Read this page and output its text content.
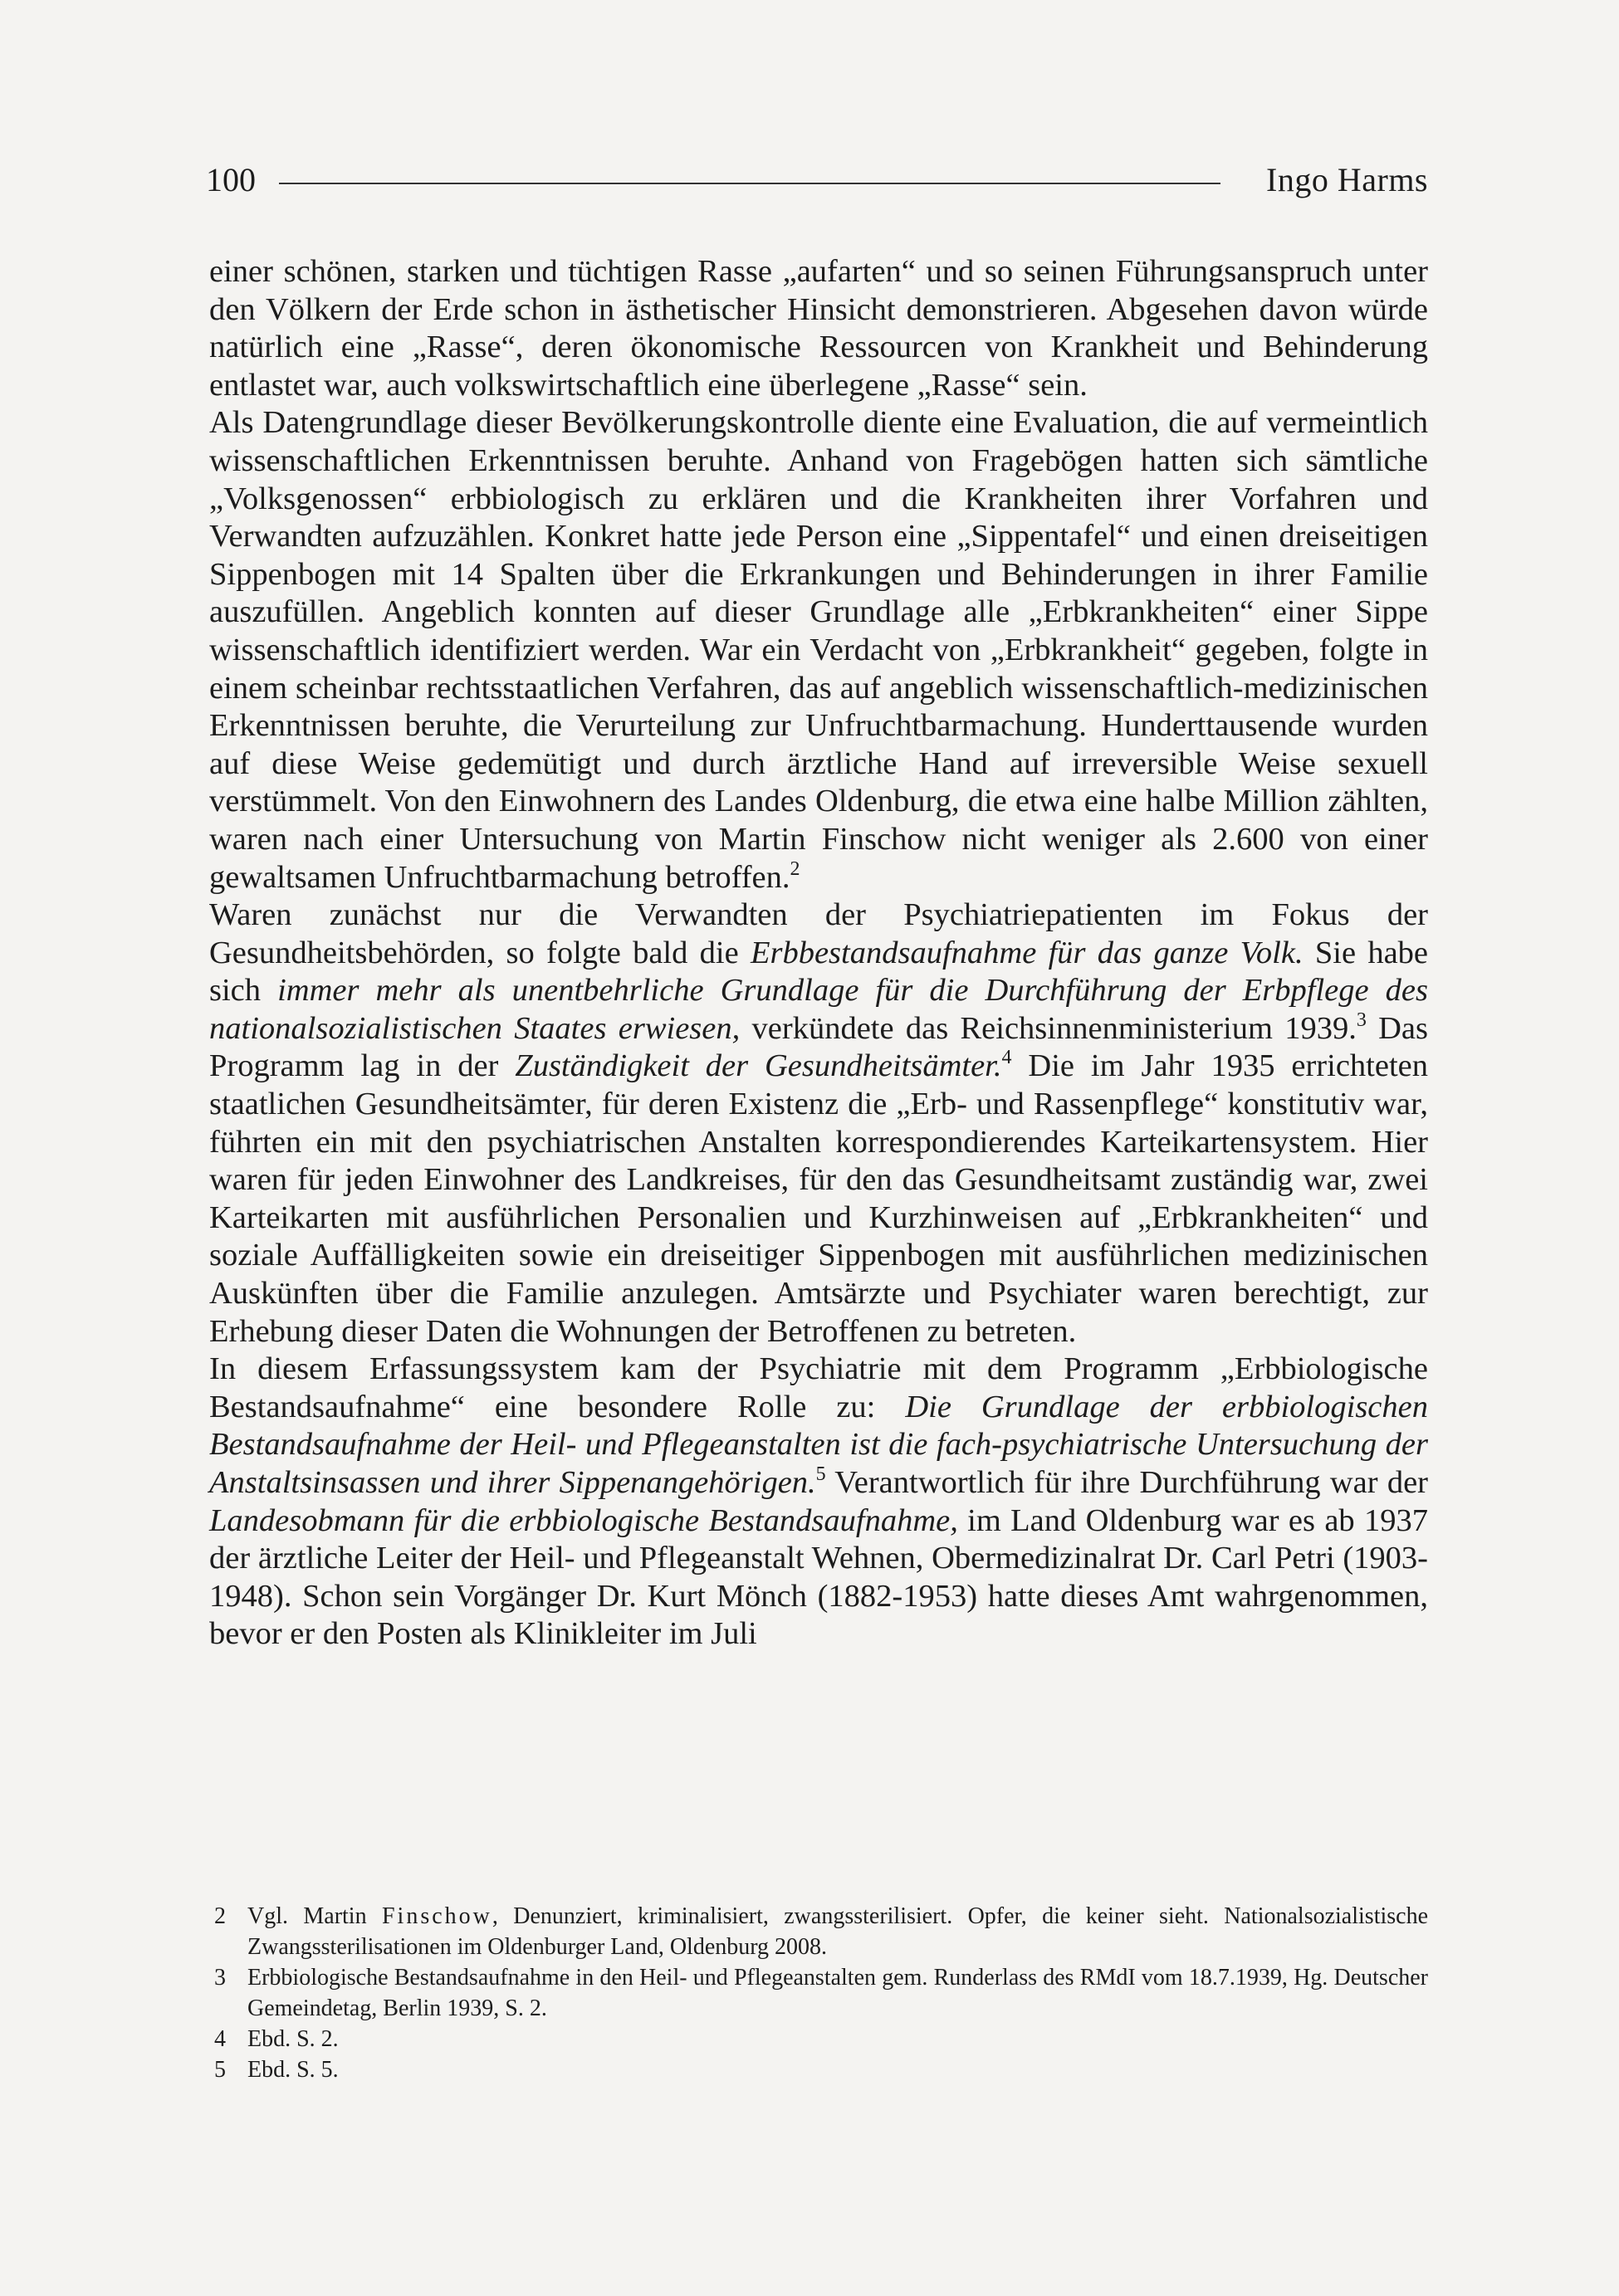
100	Ingo Harms

einer schönen, starken und tüchtigen Rasse „aufarten“ und so seinen Führungsanspruch unter den Völkern der Erde schon in ästhetischer Hinsicht demonstrieren. Abgesehen davon würde natürlich eine „Rasse“, deren ökonomische Ressourcen von Krankheit und Behinderung entlastet war, auch volkswirtschaftlich eine überlegene „Rasse“ sein.

Als Datengrundlage dieser Bevölkerungskontrolle diente eine Evaluation, die auf vermeintlich wissenschaftlichen Erkenntnissen beruhte. Anhand von Fragebögen hatten sich sämtliche „Volksgenossen“ erbbiologisch zu erklären und die Krankheiten ihrer Vorfahren und Verwandten aufzuzählen. Konkret hatte jede Person eine „Sippentafel“ und einen dreiseitigen Sippenbogen mit 14 Spalten über die Erkrankungen und Behinderungen in ihrer Familie auszufüllen. Angeblich konnten auf dieser Grundlage alle „Erbkrankheiten“ einer Sippe wissenschaftlich identifiziert werden. War ein Verdacht von „Erbkrankheit“ gegeben, folgte in einem scheinbar rechtsstaatlichen Verfahren, das auf angeblich wissenschaftlich-medizinischen Erkenntnissen beruhte, die Verurteilung zur Unfruchtbarmachung. Hunderttausende wurden auf diese Weise gedemütigt und durch ärztliche Hand auf irreversible Weise sexuell verstümmelt. Von den Einwohnern des Landes Oldenburg, die etwa eine halbe Million zählten, waren nach einer Untersuchung von Martin Finschow nicht weniger als 2.600 von einer gewaltsamen Unfruchtbarmachung betroffen.$^2$

Waren zunächst nur die Verwandten der Psychiatriepatienten im Fokus der Gesundheitsbehörden, so folgte bald die Erbbestandsaufnahme für das ganze Volk. Sie habe sich immer mehr als unentbehrliche Grundlage für die Durchführung der Erbpflege des nationalsozialistischen Staates erwiesen, verkündete das Reichsinnenministerium 1939.$^3$ Das Programm lag in der Zuständigkeit der Gesundheitsämter.$^4$ Die im Jahr 1935 errichteten staatlichen Gesundheitsämter, für deren Existenz die „Erb- und Rassenpflege“ konstitutiv war, führten ein mit den psychiatrischen Anstalten korrespondierendes Karteikartensystem. Hier waren für jeden Einwohner des Landkreises, für den das Gesundheitsamt zuständig war, zwei Karteikarten mit ausführlichen Personalien und Kurzhinweisen auf „Erbkrankheiten“ und soziale Auffälligkeiten sowie ein dreiseitiger Sippenbogen mit ausführlichen medizinischen Auskünften über die Familie anzulegen. Amtsärzte und Psychiater waren berechtigt, zur Erhebung dieser Daten die Wohnungen der Betroffenen zu betreten.

In diesem Erfassungssystem kam der Psychiatrie mit dem Programm „Erbbiologische Bestandsaufnahme“ eine besondere Rolle zu: Die Grundlage der erbbiologischen Bestandsaufnahme der Heil- und Pflegeanstalten ist die fach-psychiatrische Untersuchung der Anstaltsinsassen und ihrer Sippenangehörigen.$^5$ Verantwortlich für ihre Durchführung war der Landesobmann für die erbbiologische Bestandsaufnahme, im Land Oldenburg war es ab 1937 der ärztliche Leiter der Heil- und Pflegeanstalt Wehnen, Obermedizinalrat Dr. Carl Petri (1903-1948). Schon sein Vorgänger Dr. Kurt Mönch (1882-1953) hatte dieses Amt wahrgenommen, bevor er den Posten als Klinikleiter im Juli

2 Vgl. Martin Finschow, Denunziert, kriminalisiert, zwangssterilisiert. Opfer, die keiner sieht. Nationalsozialistische Zwangssterilisationen im Oldenburger Land, Oldenburg 2008.
3 Erbbiologische Bestandsaufnahme in den Heil- und Pflegeanstalten gem. Runderlass des RMdI vom 18.7.1939, Hg. Deutscher Gemeindetag, Berlin 1939, S. 2.
4 Ebd. S. 2.
5 Ebd. S. 5.
